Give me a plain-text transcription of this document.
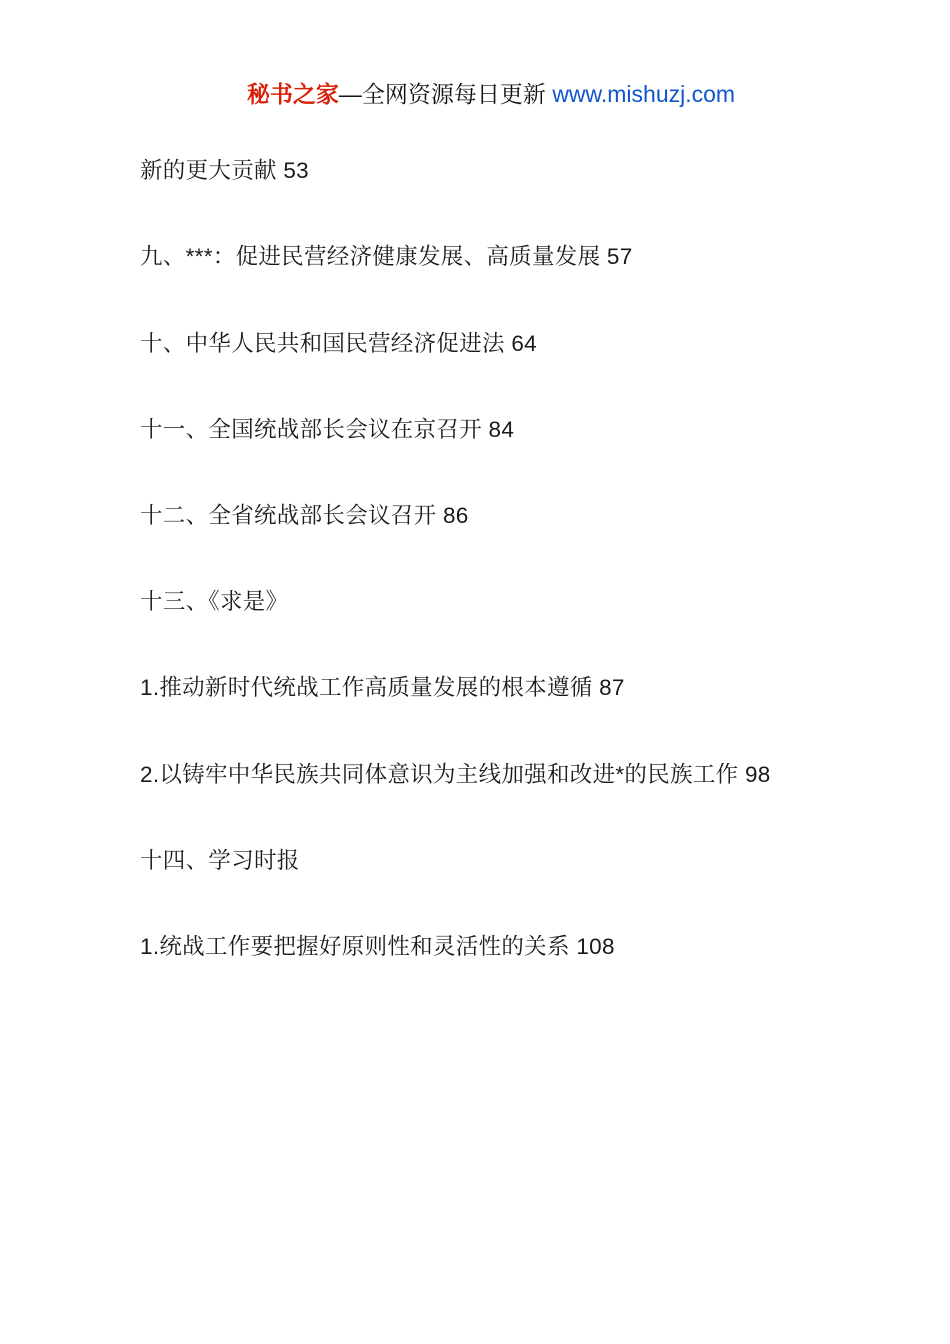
秘书之家—全网资源每日更新 www.mishuzj.com
新的更大贡献 53
九、***：促进民营经济健康发展、高质量发展 57
十、中华人民共和国民营经济促进法 64
十一、全国统战部长会议在京召开 84
十二、全省统战部长会议召开 86
十三、《求是》
1.推动新时代统战工作高质量发展的根本遵循 87
2.以铸牢中华民族共同体意识为主线加强和改进*的民族工作 98
十四、学习时报
1.统战工作要把握好原则性和灵活性的关系 108
